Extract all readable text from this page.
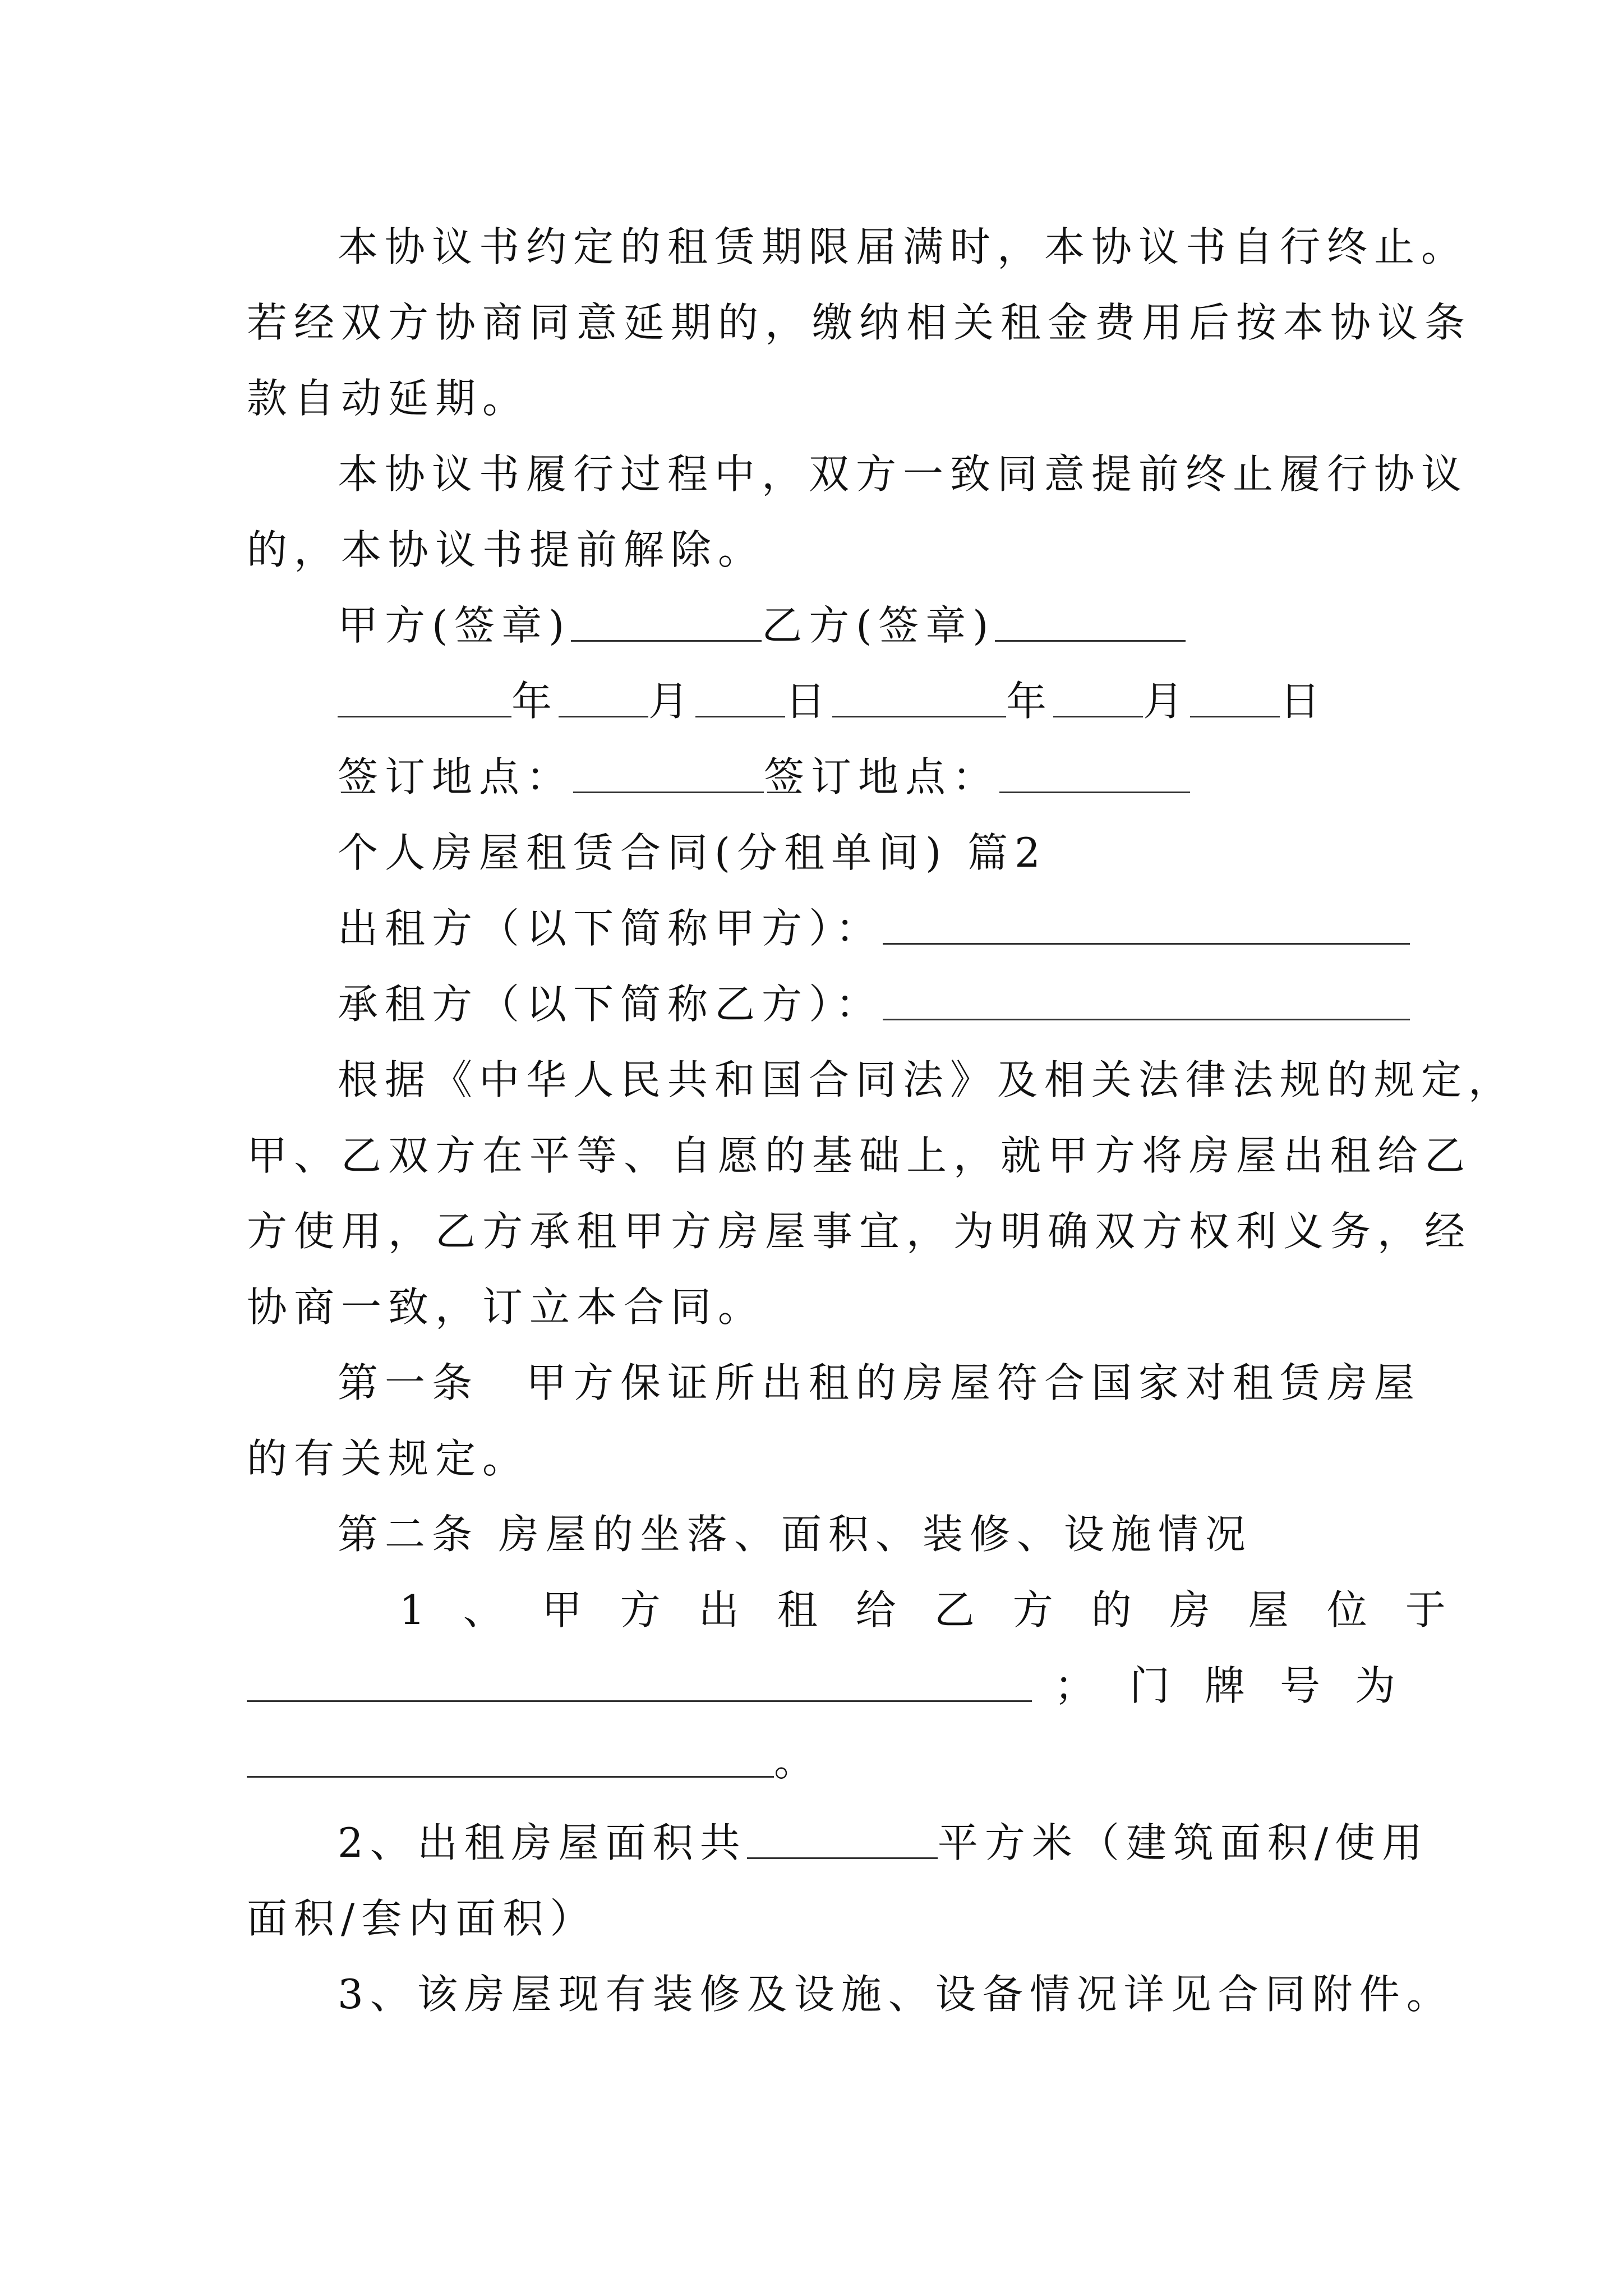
本协议书约定的租赁期限届满时，本协议书自行终止。
若经双方协商同意延期的，缴纳相关租金费用后按本协议条
款自动延期。
本协议书履行过程中，双方一致同意提前终止履行协议
的，本协议书提前解除。
甲方(签章)	乙方(签章)
年 月 日	年 月 日
签订地点：	签订地点：
个人房屋租赁合同(分租单间) 篇2
出租方（以下简称甲方）：
承租方（以下简称乙方）：
根据《中华人民共和国合同法》及相关法律法规的规定，
甲、乙双方在平等、自愿的基础上，就甲方将房屋出租给乙
方使用，乙方承租甲方房屋事宜，为明确双方权利义务，经
协商一致，订立本合同。
第一条　甲方保证所出租的房屋符合国家对租赁房屋
的有关规定。
第二条 房屋的坐落、面积、装修、设施情况
1、甲方出租给乙方的房屋位于
；门牌号为
。
2、出租房屋面积共	平方米（建筑面积/使用
面积/套内面积）
3、该房屋现有装修及设施、设备情况详见合同附件。
